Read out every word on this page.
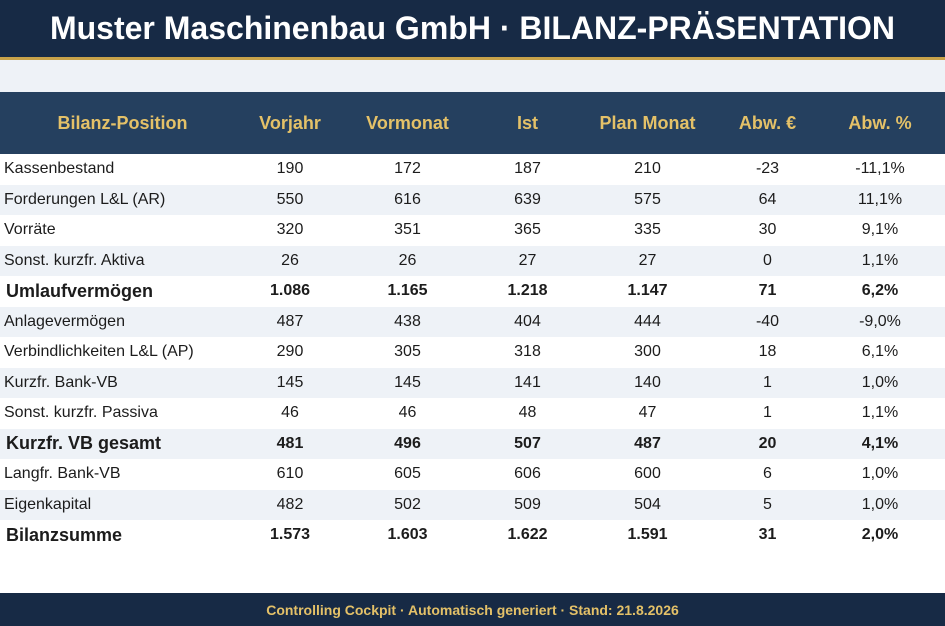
Muster Maschinenbau GmbH · BILANZ-PRÄSENTATION
Bilanz-Position	Vorjahr	Vormonat	Ist	Plan Monat	Abw. €	Abw. %
Kassenbestand	190	172	187	210	-23	-11,1%
Forderungen L&L (AR)	550	616	639	575	64	11,1%
Vorräte	320	351	365	335	30	9,1%
Sonst. kurzfr. Aktiva	26	26	27	27	0	1,1%
Umlaufvermögen	1.086	1.165	1.218	1.147	71	6,2%
Anlagevermögen	487	438	404	444	-40	-9,0%
Verbindlichkeiten L&L (AP)	290	305	318	300	18	6,1%
Kurzfr. Bank-VB	145	145	141	140	1	1,0%
Sonst. kurzfr. Passiva	46	46	48	47	1	1,1%
Kurzfr. VB gesamt	481	496	507	487	20	4,1%
Langfr. Bank-VB	610	605	606	600	6	1,0%
Eigenkapital	482	502	509	504	5	1,0%
Bilanzsumme	1.573	1.603	1.622	1.591	31	2,0%
Controlling Cockpit · Automatisch generiert · Stand: 21.8.2026
